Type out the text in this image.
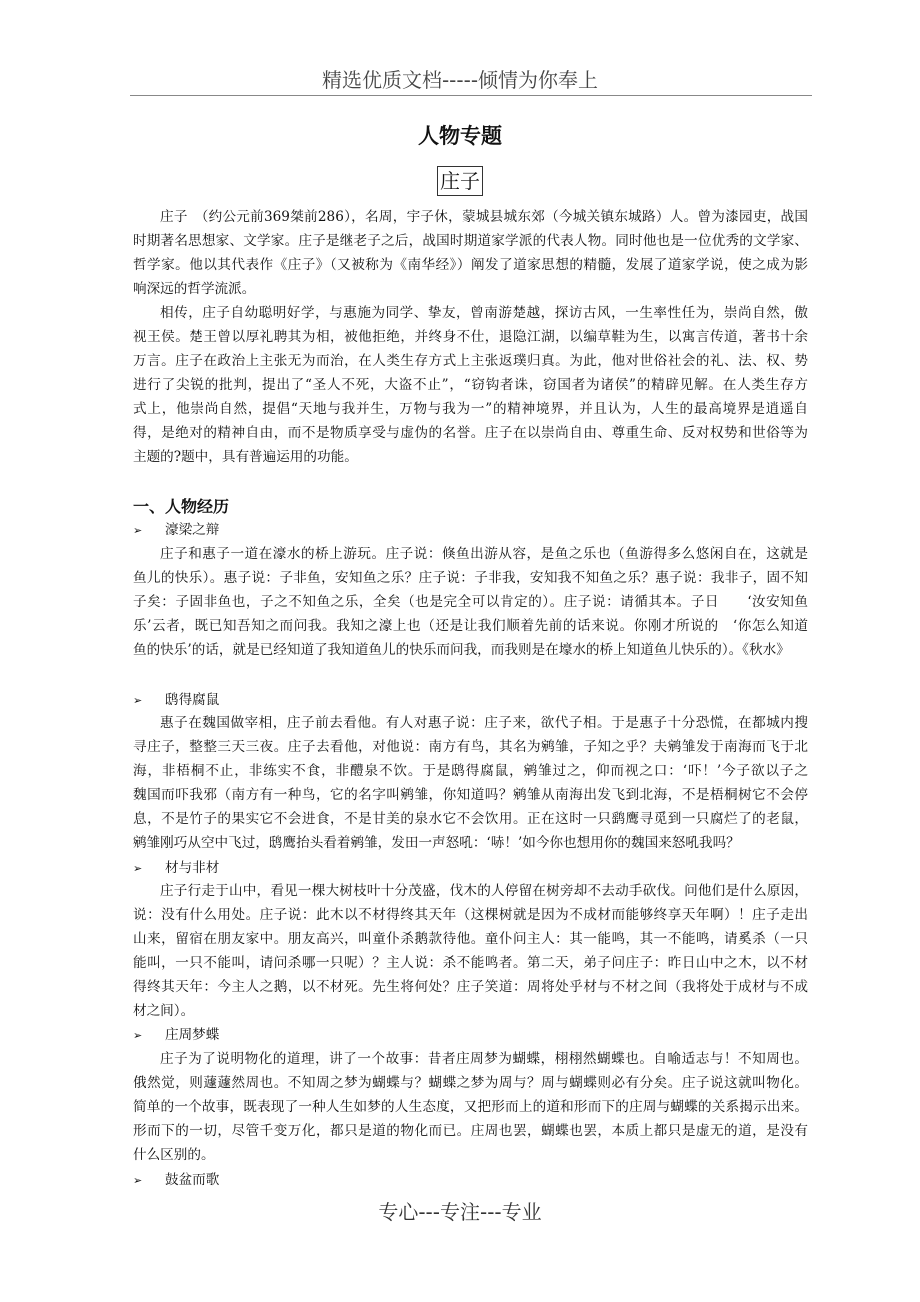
精选优质文档-----倾情为你奉上
人物专题
庄子
庄子　（约公元前369桀前286），名周，宇子休，蒙城县城东郊（今城关镇东城路）人。曾为漆园吏，战国
时期著名思想家、文学家。庄子是继老子之后，战国时期道家学派的代表人物。同时他也是一位优秀的文学家、
哲学家。他以其代表作《庄子》（又被称为《南华经》）阐发了道家思想的精髓，发展了道家学说，使之成为影
响深远的哲学流派。
相传，庄子自幼聪明好学，与惠施为同学、挚友，曾南游楚越，探访古风，一生率性任为，崇尚自然，傲
视王侯。楚王曾以厚礼聘其为相，被他拒绝，并终身不仕，退隐江湖，以编草鞋为生，以寓言传道，著书十余
万言。庄子在政治上主张无为而治，在人类生存方式上主张返璞归真。为此，他对世俗社会的礼、法、权、势
进行了尖锐的批判，提出了“圣人不死，大盗不止”，“窃钩者诛，窃国者为诸侯”的精辟见解。在人类生存方
式上，他崇尚自然，提倡“天地与我并生，万物与我为一”的精神境界，并且认为，人生的最高境界是逍遥自
得，是绝对的精神自由，而不是物质享受与虚伪的名誉。庄子在以崇尚自由、尊重生命、反对权势和世俗等为
主题的?题中，具有普遍运用的功能。
一、人物经历
➢ 濠梁之辩
庄子和惠子一道在濠水的桥上游玩。庄子说：倏鱼出游从容，是鱼之乐也（鱼游得多么悠闲自在，这就是
鱼儿的快乐）。惠子说：子非鱼，安知鱼之乐？庄子说：子非我，安知我不知鱼之乐？惠子说：我非子，固不知
子矣：子固非鱼也，子之不知鱼之乐，全矣（也是完全可以肯定的）。庄子说：请循其本。子日　　‘汝安知鱼
乐’云者，既已知吾知之而问我。我知之濠上也（还是让我们顺着先前的话来说。你刚才所说的　‘你怎么知道
鱼的快乐’的话，就是已经知道了我知道鱼儿的快乐而问我，而我则是在壕水的桥上知道鱼儿快乐的）。《秋水》
➢ 鸱得腐鼠
惠子在魏国做宰相，庄子前去看他。有人对惠子说：庄子来，欲代子相。于是惠子十分恐慌，在都城内搜
寻庄子，整整三天三夜。庄子去看他，对他说：南方有鸟，其名为鹓雏，子知之乎？夫鹓雏发于南海而飞于北
海，非梧桐不止，非练实不食，非醴泉不饮。于是鸱得腐鼠，鹓雏过之，仰而视之口：‘吓！’今子欲以子之
魏国而吓我邪（南方有一种鸟，它的名字叫鹓雏，你知道吗？鹓雏从南海出发飞到北海，不是梧桐树它不会停
息，不是竹子的果实它不会进食，不是甘美的泉水它不会饮用。正在这时一只鹞鹰寻觅到一只腐烂了的老鼠，
鹓雏刚巧从空中飞过，鸱鹰抬头看着鹓雏，发田一声怒吼：‘哧！’如今你也想用你的魏国来怒吼我吗？
➢ 材与非材
庄子行走于山中，看见一棵大树枝叶十分茂盛，伐木的人停留在树旁却不去动手砍伐。问他们是什么原因，
说：没有什么用处。庄子说：此木以不材得终其天年（这棵树就是因为不成材而能够终享天年啊）！庄子走出
山来，留宿在朋友家中。朋友高兴，叫童仆杀鹅款待他。童仆问主人：其一能鸣，其一不能鸣，请奚杀（一只
能叫，一只不能叫，请问杀哪一只呢）？主人说：杀不能鸣者。第二天，弟子问庄子：昨日山中之木，以不材
得终其天年：今主人之鹅，以不材死。先生将何处？庄子笑道：周将处乎材与不材之间（我将处于成材与不成
材之间）。
➢ 庄周梦蝶
庄子为了说明物化的道理，讲了一个故事：昔者庄周梦为蝴蝶，栩栩然蝴蝶也。自喻适志与！不知周也。
俄然觉，则蘧蘧然周也。不知周之梦为蝴蝶与？蝴蝶之梦为周与？周与蝴蝶则必有分矣。庄子说这就叫物化。
简单的一个故事，既表现了一种人生如梦的人生态度，又把形而上的道和形而下的庄周与蝴蝶的关系揭示出来。
形而下的一切，尽管千变万化，都只是道的物化而已。庄周也罢，蝴蝶也罢，本质上都只是虚无的道，是没有
什么区别的。
➢ 鼓盆而歌
专心---专注---专业
